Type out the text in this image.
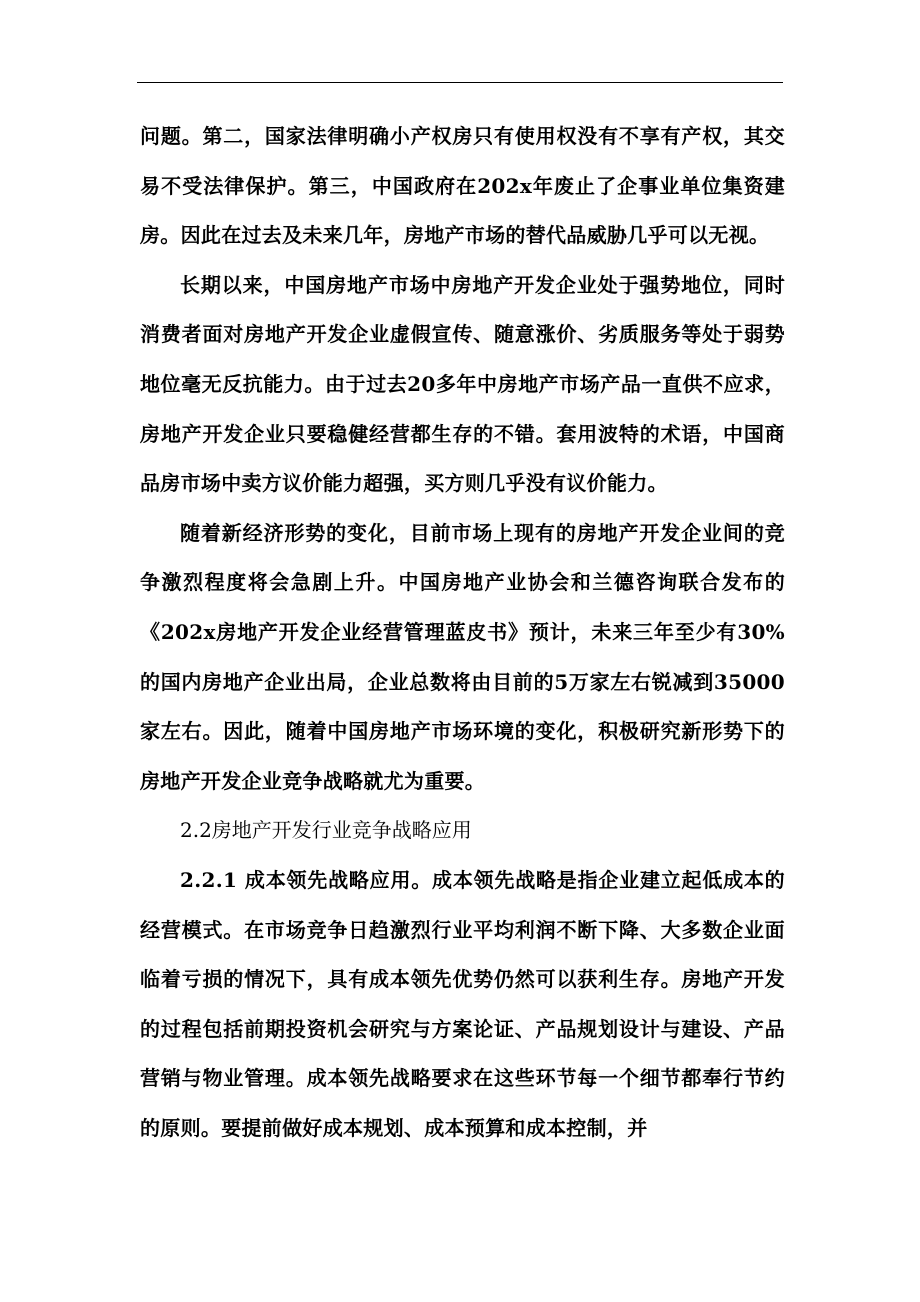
问题。第二，国家法律明确小产权房只有使用权没有不享有产权，其交易不受法律保护。第三，中国政府在202x年废止了企事业单位集资建房。因此在过去及未来几年，房地产市场的替代品威胁几乎可以无视。

长期以来，中国房地产市场中房地产开发企业处于强势地位，同时消费者面对房地产开发企业虚假宣传、随意涨价、劣质服务等处于弱势地位毫无反抗能力。由于过去20多年中房地产市场产品一直供不应求，房地产开发企业只要稳健经营都生存的不错。套用波特的术语，中国商品房市场中卖方议价能力超强，买方则几乎没有议价能力。

随着新经济形势的变化，目前市场上现有的房地产开发企业间的竞争激烈程度将会急剧上升。中国房地产业协会和兰德咨询联合发布的《202x房地产开发企业经营管理蓝皮书》预计，未来三年至少有30%的国内房地产企业出局，企业总数将由目前的5万家左右锐减到35000家左右。因此，随着中国房地产市场环境的变化，积极研究新形势下的房地产开发企业竞争战略就尤为重要。

2.2房地产开发行业竞争战略应用

2.2.1 成本领先战略应用。成本领先战略是指企业建立起低成本的经营模式。在市场竞争日趋激烈行业平均利润不断下降、大多数企业面临着亏损的情况下，具有成本领先优势仍然可以获利生存。房地产开发的过程包括前期投资机会研究与方案论证、产品规划设计与建设、产品营销与物业管理。成本领先战略要求在这些环节每一个细节都奉行节约的原则。要提前做好成本规划、成本预算和成本控制，并
